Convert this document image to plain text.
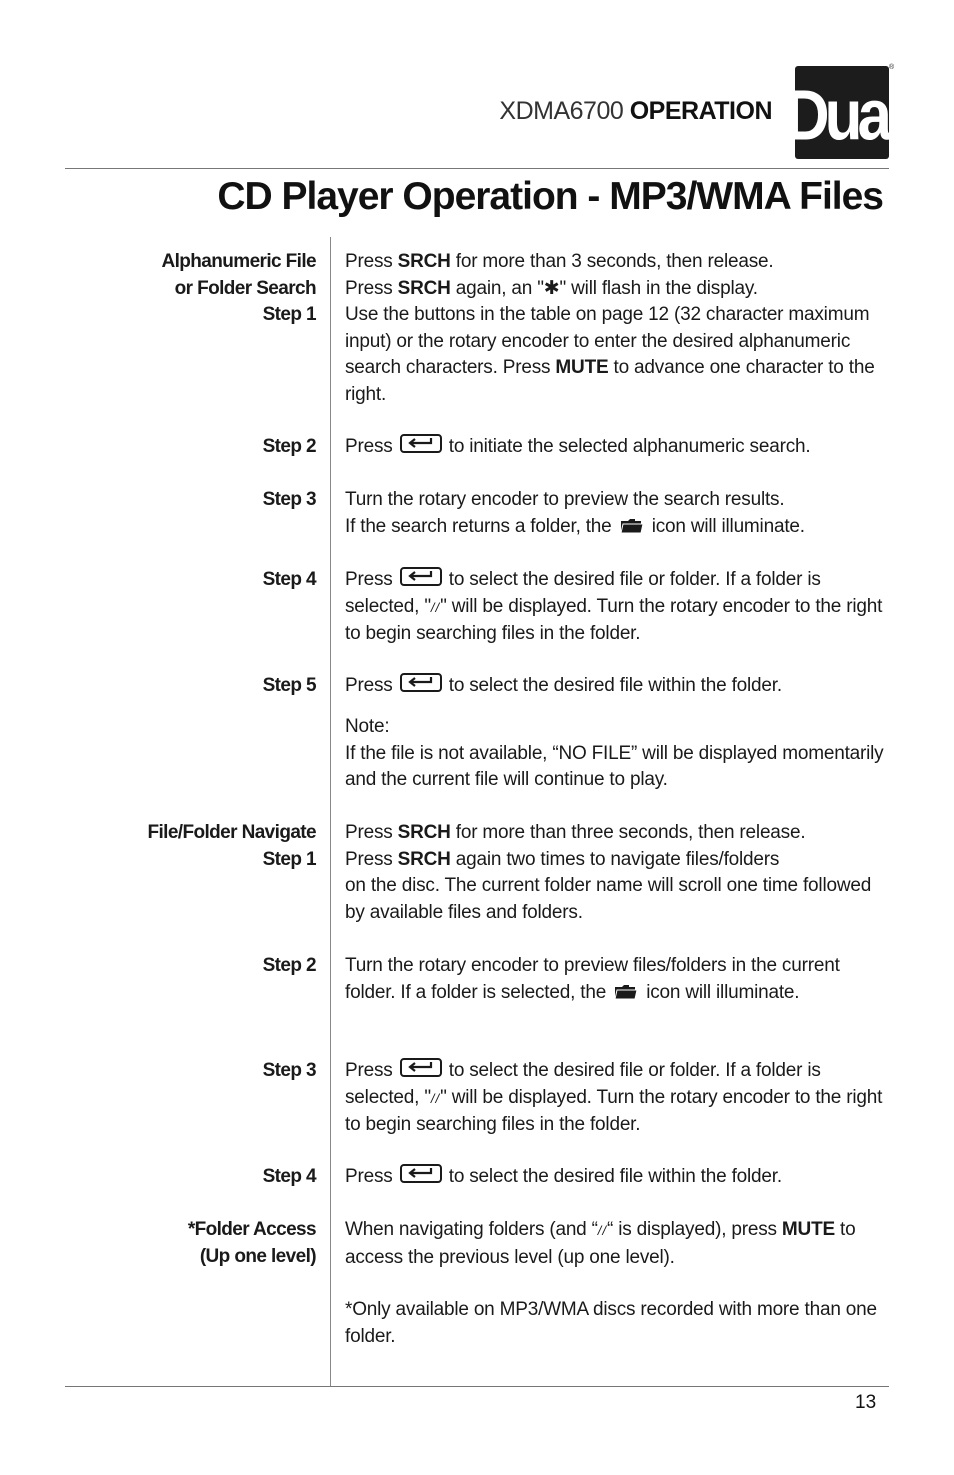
XDMA6700 OPERATION Dual
®
CD Player Operation - MP3/WMA Files
Alphanumeric File
or Folder Search
Step 1
Press SRCH for more than 3 seconds, then release.
Press SRCH again, an "✱" will flash in the display.
Use the buttons in the table on page 12 (32 character maximum input) or the rotary encoder to enter the desired alphanumeric search characters. Press MUTE to advance one character to the right.
Step 2 Press
to initiate the selected alphanumeric search.
Step 3 Turn the rotary encoder to preview the search results.
If the search returns a folder, the  icon will illuminate.
Step 4 Press
to select the desired file or folder. If a folder is selected, "//" will be displayed. Turn the rotary encoder to the right to begin searching files in the folder.
Step 5 Press
to select the desired file within the folder.
Note:
If the file is not available, “NO FILE” will be displayed momentarily and the current file will continue to play.
File/Folder Navigate
Step 1
Press SRCH for more than three seconds, then release.
Press SRCH again two times to navigate files/folders
on the disc. The current folder name will scroll one time followed by available files and folders.
Step 2 Turn the rotary encoder to preview files/folders in the current folder. If a folder is selected, the  icon will illuminate.
Step 3 Press
to select the desired file or folder. If a folder is selected, "//" will be displayed. Turn the rotary encoder to the right to begin searching files in the folder.
Step 4 Press
to select the desired file within the folder.
*Folder Access
(Up one level)
When navigating folders (and “//“ is displayed), press MUTE to access the previous level (up one level).
*Only available on MP3/WMA discs recorded with more than one folder.
13
